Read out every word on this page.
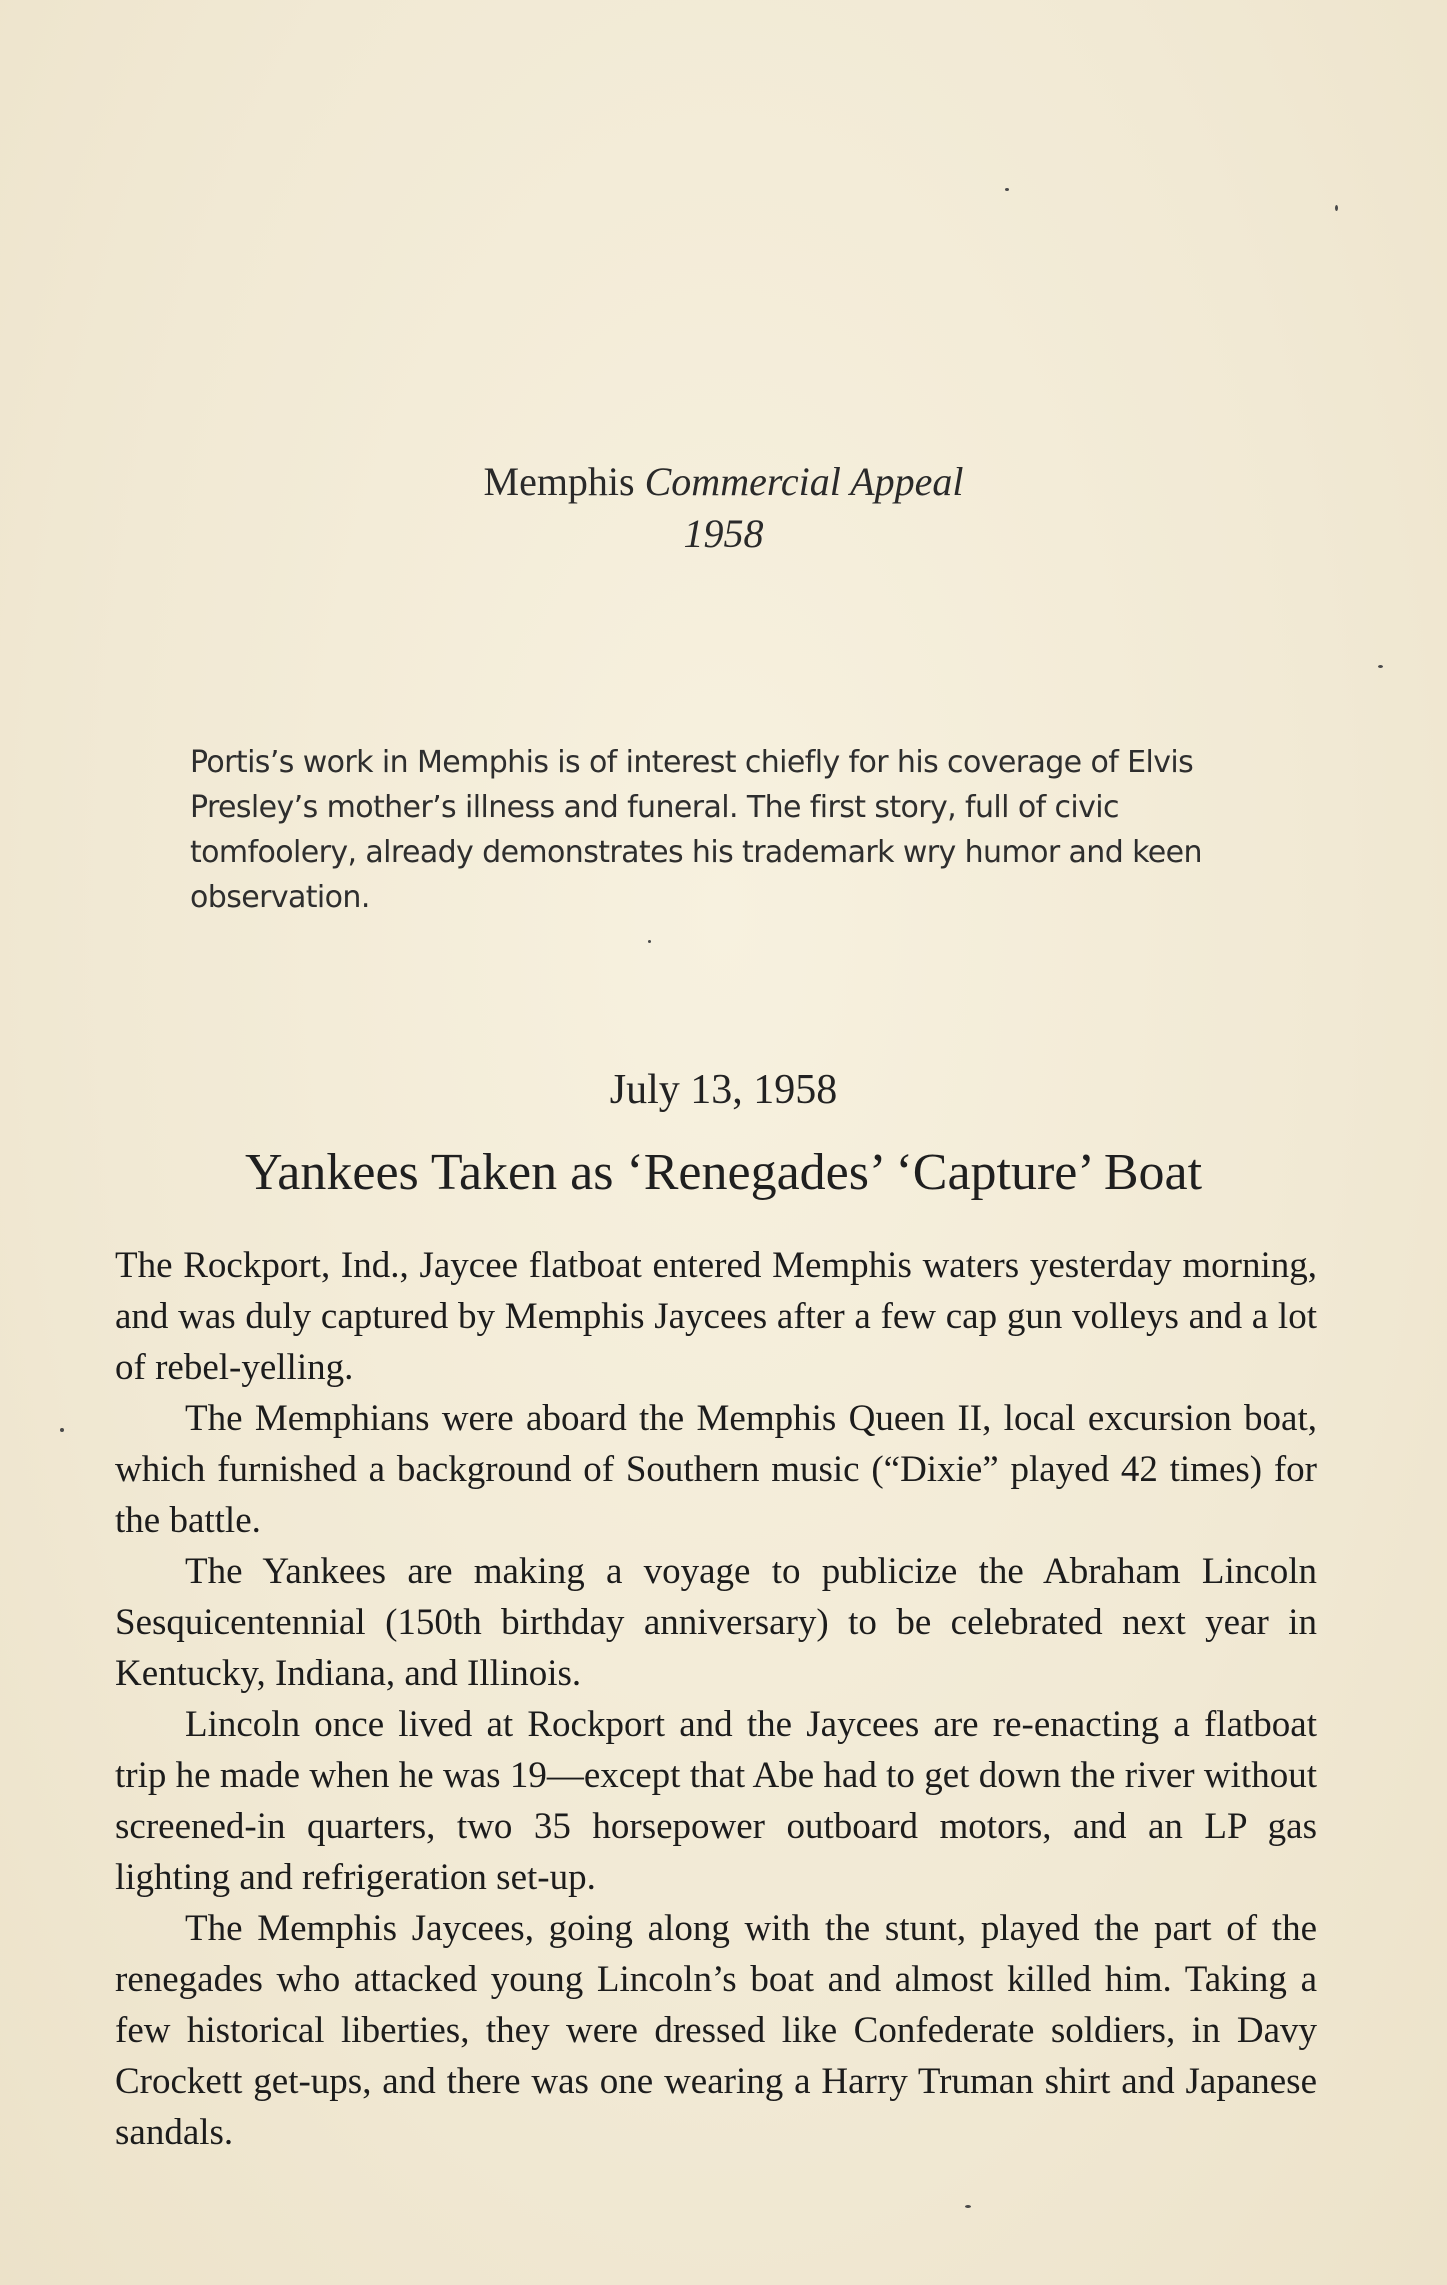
Memphis Commercial Appeal
1958
Portis’s work in Memphis is of interest chiefly for his coverage of Elvis Presley’s mother’s illness and funeral. The first story, full of civic tomfoolery, already demonstrates his trademark wry humor and keen observation.
July 13, 1958
Yankees Taken as ‘Renegades’ ‘Capture’ Boat

The Rockport, Ind., Jaycee flatboat entered Memphis waters yesterday morning, and was duly captured by Memphis Jaycees after a few cap gun volleys and a lot of rebel-yelling.

The Memphians were aboard the Memphis Queen II, local excursion boat, which furnished a background of Southern music (“Dixie” played 42 times) for the battle.

The Yankees are making a voyage to publicize the Abraham Lincoln Sesquicentennial (150th birthday anniversary) to be celebrated next year in Kentucky, Indiana, and Illinois.

Lincoln once lived at Rockport and the Jaycees are re-enacting a flatboat trip he made when he was 19—except that Abe had to get down the river without screened-in quarters, two 35 horsepower outboard motors, and an LP gas lighting and refrigeration set-up.

The Memphis Jaycees, going along with the stunt, played the part of the renegades who attacked young Lincoln’s boat and almost killed him. Taking a few historical liberties, they were dressed like Confederate soldiers, in Davy Crockett get-ups, and there was one wearing a Harry Truman shirt and Japanese sandals.
